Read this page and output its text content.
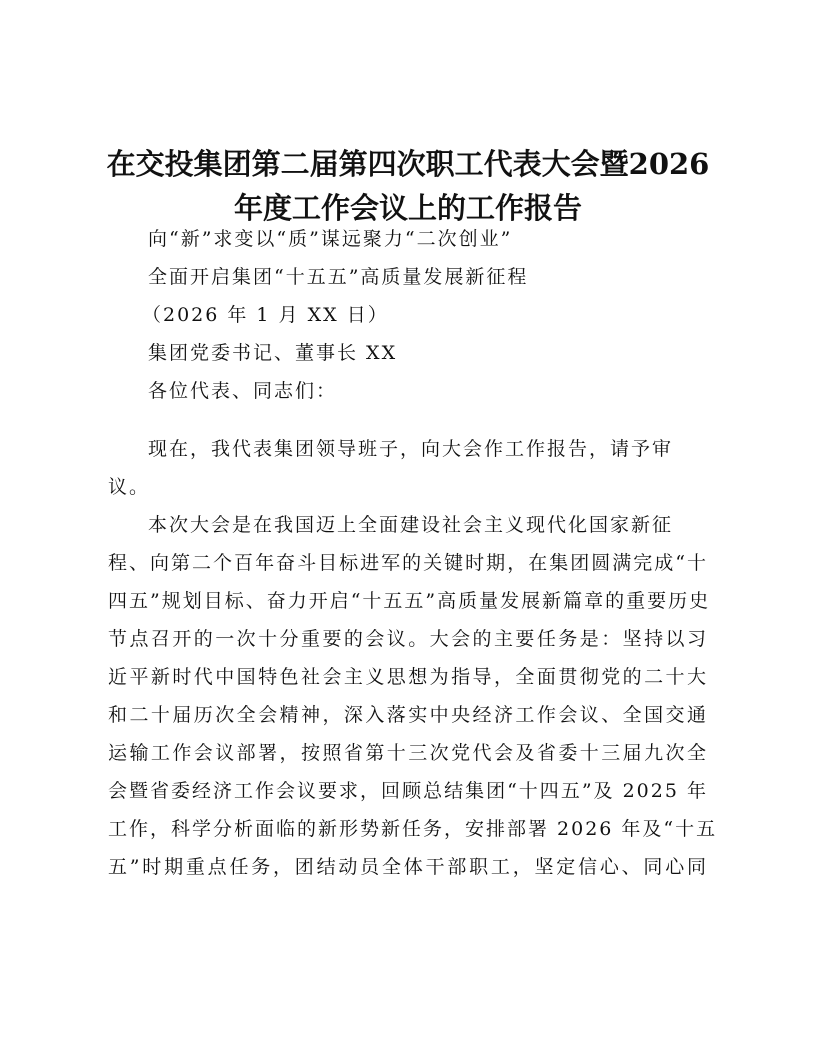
在交投集团第二届第四次职工代表大会暨2026
年度工作会议上的工作报告

向“新”求变以“质”谋远聚力“二次创业”

全面开启集团“十五五”高质量发展新征程

（2026 年 1 月 XX 日）

集团党委书记、董事长 XX

各位代表、同志们：

现在，我代表集团领导班子，向大会作工作报告，请予审

议。

本次大会是在我国迈上全面建设社会主义现代化国家新征

程、向第二个百年奋斗目标进军的关键时期，在集团圆满完成“十

四五”规划目标、奋力开启“十五五”高质量发展新篇章的重要历史

节点召开的一次十分重要的会议。大会的主要任务是：坚持以习

近平新时代中国特色社会主义思想为指导，全面贯彻党的二十大

和二十届历次全会精神，深入落实中央经济工作会议、全国交通

运输工作会议部署，按照省第十三次党代会及省委十三届九次全

会暨省委经济工作会议要求，回顾总结集团“十四五”及 2025 年

工作，科学分析面临的新形势新任务，安排部署 2026 年及“十五

五”时期重点任务，团结动员全体干部职工，坚定信心、同心同
